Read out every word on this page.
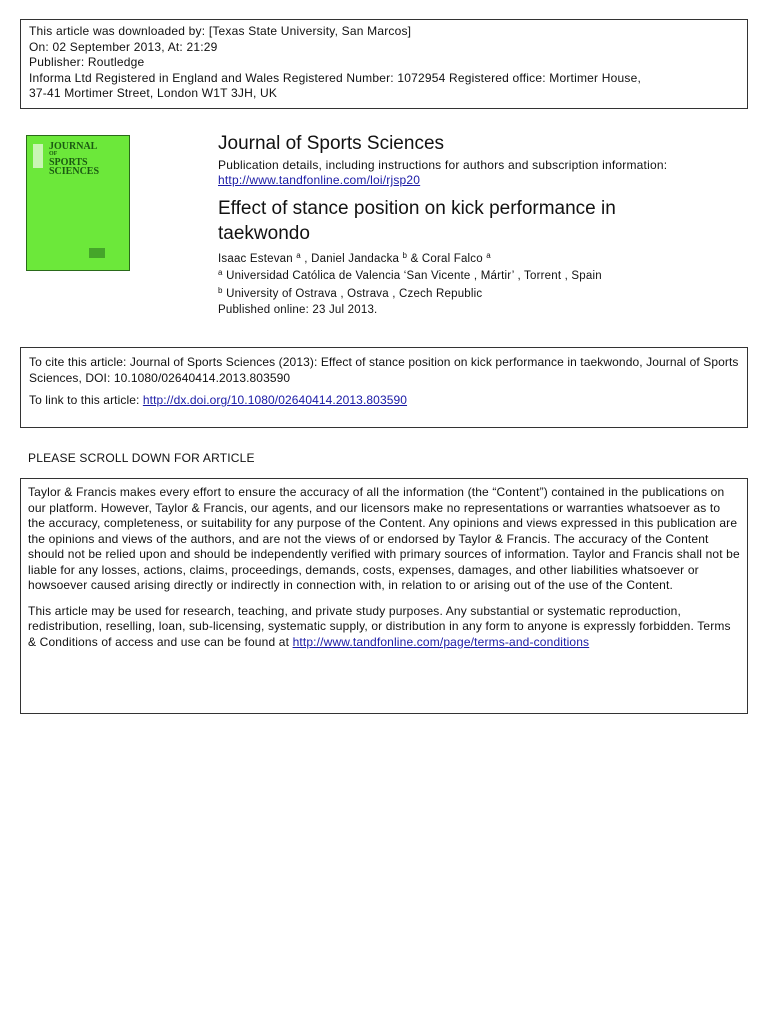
This article was downloaded by: [Texas State University, San Marcos]
On: 02 September 2013, At: 21:29
Publisher: Routledge
Informa Ltd Registered in England and Wales Registered Number: 1072954 Registered office: Mortimer House,
37-41 Mortimer Street, London W1T 3JH, UK
JOURNAL
OF
SPORTS
SCIENCES
Journal of Sports Sciences
Publication details, including instructions for authors and subscription information:
http://www.tandfonline.com/loi/rjsp20
Effect of stance position on kick performance in
taekwondo
Isaac Estevan $^a$ , Daniel Jandacka $^b$ & Coral Falco $^a$
$^a$ Universidad Católica de Valencia ‘San Vicente , Mártir’ , Torrent , Spain
$^b$ University of Ostrava , Ostrava , Czech Republic
Published online: 23 Jul 2013.
To cite this article: Journal of Sports Sciences (2013): Effect of stance position on kick performance in taekwondo, Journal of Sports Sciences, DOI: 10.1080/02640414.2013.803590
To link to this article: http://dx.doi.org/10.1080/02640414.2013.803590
PLEASE SCROLL DOWN FOR ARTICLE

Taylor & Francis makes every effort to ensure the accuracy of all the information (the “Content”) contained in the publications on our platform. However, Taylor & Francis, our agents, and our licensors make no representations or warranties whatsoever as to the accuracy, completeness, or suitability for any purpose of the Content. Any opinions and views expressed in this publication are the opinions and views of the authors, and are not the views of or endorsed by Taylor & Francis. The accuracy of the Content should not be relied upon and should be independently verified with primary sources of information. Taylor and Francis shall not be liable for any losses, actions, claims, proceedings, demands, costs, expenses, damages, and other liabilities whatsoever or howsoever caused arising directly or indirectly in connection with, in relation to or arising out of the use of the Content.

This article may be used for research, teaching, and private study purposes. Any substantial or systematic reproduction, redistribution, reselling, loan, sub-licensing, systematic supply, or distribution in any form to anyone is expressly forbidden. Terms & Conditions of access and use can be found at http://www.tandfonline.com/page/terms-and-conditions
